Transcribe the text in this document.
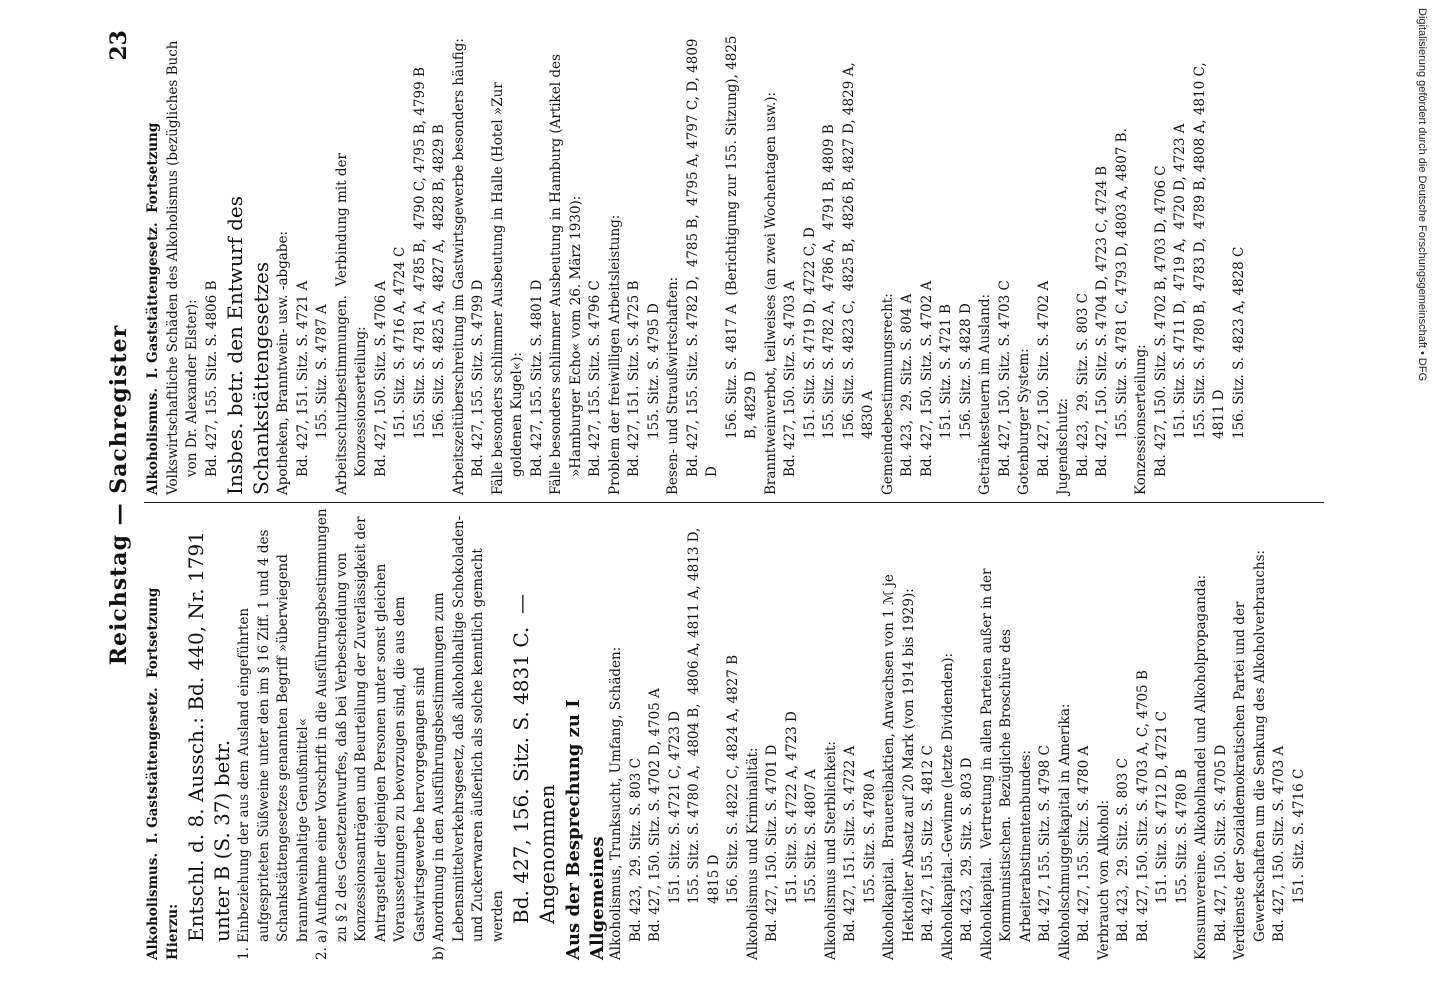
Reichstag — Sachregister
23

Alkoholismus.  I. Gaststättengesetz.  Fortsetzung Hierzu: Entschl. d. 8. Aussch.: Bd. 440, Nr. 1791 unter B (S. 37) betr. 1. Einbeziehung der aus dem Ausland eingeführten aufgespriteten Süßweine unter den im § 16 Ziff. 1 und 4 des Schankstättengesetzes genannten Begriff »überwiegend branntweinhaltige Genußmittel« 2. a) Aufnahme einer Vorschrift in die Ausführungsbestimmungen zu § 2 des Gesetzentwurfes, daß bei Verbescheidung von Konzessionsanträgen und Beurteilung der Zuverlässigkeit der Antragsteller diejenigen Personen unter sonst gleichen Voraussetzungen zu bevorzugen sind, die aus dem Gastwirtsgewerbe hervorgegangen sind b) Anordnung in den Ausführungsbestimmungen zum Lebensmittelverkehrsgesetz, daß alkoholhaltige Schokoladen- und Zuckerwaren äußerlich als solche kenntlich gemacht werden Bd. 427, 156. Sitz. S. 4831 C.  —  Angenommen Aus der Besprechung zu I Allgemeines Alkoholismus, Trunksucht, Umfang, Schäden: Bd. 423,  29. Sitz. S. 803 C Bd. 427, 150. Sitz. S. 4702 D, 4705 A 151. Sitz. S. 4721 C, 4723 D 155. Sitz. S. 4780 A,  4804 B,  4806 A, 4811 A, 4813 D, 4815 D 156. Sitz. S. 4822 C, 4824 A, 4827 B Alkoholismus und Kriminalität: Bd. 427, 150. Sitz. S. 4701 D 151. Sitz. S. 4722 A, 4723 D 155. Sitz. S. 4807 A Alkoholismus und Sterblichkeit: Bd. 427, 151. Sitz. S. 4722 A 155. Sitz. S. 4780 A Alkoholkapital.  Brauereibaktien, Anwachsen von 1 ℳ je Hektoliter Absatz auf 20 Mark (von 1914 bis 1929): Bd. 427, 155. Sitz. S. 4812 C Alkoholkapital.-Gewinne (letzte Dividenden): Bd. 423,  29. Sitz. S. 803 D Alkoholkapital.  Vertretung in allen Parteien außer in der Kommunistischen.  Bezügliche Broschüre des Arbeiterabstinentenbundes: Bd. 427, 155. Sitz. S. 4798 C Alkoholschmuggelkapital in Amerika: Bd. 427, 155. Sitz. S. 4780 A Verbrauch von Alkohol: Bd. 423,  29. Sitz. S. 803 C Bd. 427, 150. Sitz. S. 4703 A, C, 4705 B 151. Sitz. S. 4712 D, 4721 C 155. Sitz. S. 4780 B Konsumvereine. Alkoholhandel und Alkoholpropaganda: Bd. 427, 150. Sitz. S. 4705 D Verdienste der Sozialdemokratischen Partei und der Gewerkschaften um die Senkung des Alkoholverbrauchs: Bd. 427, 150. Sitz. S. 4703 A 151. Sitz. S. 4716 C

Alkoholismus.  I. Gaststättengesetz.  Fortsetzung Volkswirtschaftliche Schäden des Alkoholismus (bezügliches Buch von Dr. Alexander Elster): Bd. 427, 155. Sitz. S. 4806 B Insbes. betr. den Entwurf des Schankstättengesetzes Apotheken, Branntwein- usw. -abgabe: Bd. 427, 151. Sitz. S. 4721 A 155. Sitz. S. 4787 A Arbeitsschutzbestimmungen.  Verbindung mit der Konzessionserteilung: Bd. 427, 150. Sitz. S. 4706 A 151. Sitz. S. 4716 A, 4724 C 155. Sitz. S. 4781 A,  4785 B,  4790 C, 4795 B, 4799 B 156. Sitz. S. 4825 A,  4827 A,  4828 B, 4829 B Arbeitszeitüberschreitung im Gastwirtsgewerbe besonders häufig: Bd. 427, 155. Sitz. S. 4799 D Fälle besonders schlimmer Ausbeutung in Halle (Hotel »Zur goldenen Kugel«): Bd. 427, 155. Sitz. S. 4801 D Fälle besonders schlimmer Ausbeutung in Hamburg (Artikel des »Hamburger Echo« vom 26. März 1930): Bd. 427, 155. Sitz. S. 4796 C Problem der freiwilligen Arbeitsleistung: Bd. 427, 151. Sitz. S. 4725 B 155. Sitz. S. 4795 D Besen- und Straußwirtschaften: Bd. 427, 155. Sitz. S. 4782 D,  4785 B,  4795 A, 4797 C, D, 4809 D

156. Sitz. S. 4817 A  (Berichtigung zur 155. Sitzung), 4825 B, 4829 D Branntweinverbot, teilweises (an zwei Wochentagen usw.): Bd. 427, 150. Sitz. S. 4703 A 151. Sitz. S. 4719 D, 4722 C, D 155. Sitz. S. 4782 A,  4786 A,  4791 B, 4809 B 156. Sitz. S. 4823 C,  4825 B,  4826 B, 4827 D, 4829 A, 4830 A Gemeindebestimmungsrecht: Bd. 423,  29. Sitz. S. 804 A Bd. 427, 150. Sitz. S. 4702 A 151. Sitz. S. 4721 B 156. Sitz. S. 4828 D Getränkesteuern im Ausland: Bd. 427, 150. Sitz. S. 4703 C Gotenburger System: Bd. 427, 150. Sitz. S. 4702 A Jugendschutz: Bd. 423,  29. Sitz. S. 803 C Bd. 427, 150. Sitz. S. 4704 D, 4723 C, 4724 B 155. Sitz. S. 4781 C, 4793 D, 4803 A, 4807 B. Konzessionserteilung: Bd. 427, 150. Sitz. S. 4702 B, 4703 D, 4706 C 151. Sitz. S. 4711 D,  4719 A,  4720 D, 4723 A 155. Sitz. S. 4780 B,  4783 D,  4789 B, 4808 A, 4810 C, 4811 D 156. Sitz. S. 4823 A, 4828 C	Digitalisierung gefördert durch die Deutsche Forschungsgemeinschaft • DFG
